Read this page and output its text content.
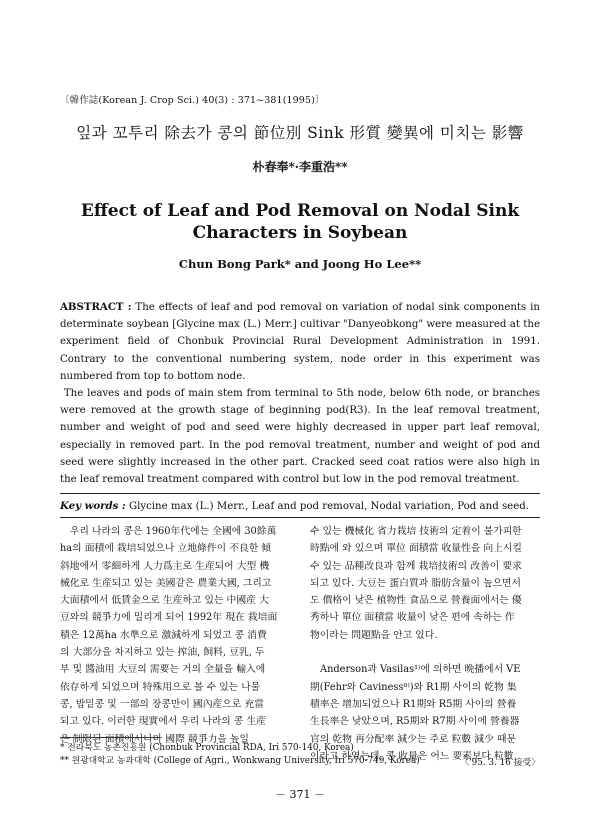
〔韓作誌(Korean J. Crop Sci.) 40(3) : 371~381(1995)〕
잎과 꼬투리 除去가 콩의 節位別 Sink 形質 變異에 미치는 影響
朴春奉*·李重浩**
Effect of Leaf and Pod Removal on Nodal Sink Characters in Soybean
Chun Bong Park* and Joong Ho Lee**

ABSTRACT : The effects of leaf and pod removal on variation of nodal sink components in determinate soybean [Glycine max (L.) Merr.] cultivar "Danyeobkong" were measured at the experiment field of Chonbuk Provincial Rural Development Administration in 1991. Contrary to the conventional numbering system, node order in this experiment was numbered from top to bottom node.

The leaves and pods of main stem from terminal to 5th node, below 6th node, or branches were removed at the growth stage of beginning pod(R3). In the leaf removal treatment, number and weight of pod and seed were highly decreased in upper part leaf removal, especially in removed part. In the pod removal treatment, number and weight of pod and seed were slightly increased in the other part. Cracked seed coat ratios were also high in the leaf removal treatment compared with control but low in the pod removal treatment.

Key words : Glycine max (L.) Merr., Leaf and pod removal, Nodal variation, Pod and seed.
우리 나라의 콩은 1960年代에는 全國에 30餘萬
ha의 面積에 栽培되었으나 立地條件이 不良한 傾
斜地에서 零細하게 人力爲主로 生産되어 大型 機
械化로 生産되고 있는 美國같은 農業大國, 그리고
大面積에서 低賃金으로 生産하고 있는 中國産 大
豆와의 競爭力에 밀리게 되어 1992年 現在 栽培面
積은 12萬ha 水準으로 激減하게 되었고 콩 消費
의 大部分을 차지하고 있는 搾油, 飼料, 豆乳, 두
부 및 醬油用 大豆의 需要는 거의 全量을 輸入에
依存하게 되었으며 特殊用으로 볼 수 있는 나물
콩, 밥밑콩 및 一部의 장콩만이 國內産으로 充當
되고 있다. 이러한 現實에서 우리 나라의 콩 生産
은 制限된 面積에서나마 國際 競爭力을 높일
수 있는 機械化 省力栽培 技術의 定着이 불가피한
時點에 와 있으며 單位 面積當 收量性을 向上시킬
수 있는 品種改良과 함께 栽培技術의 改善이 要求
되고 있다. 大豆는 蛋白質과 脂肪含量이 높으면서
도 價格이 낮은 植物性 食品으로 營養面에서는 優
秀하나 單位 面積當 收量이 낮은 편에 속하는 作
物이라는 問題點을 안고 있다.
Anderson과 Vasilas¹⁾에 의하면 晩播에서 VE
期(Fehr와 Caviness⁸⁾)와 R1期 사이의 乾物 集
積率은 增加되었으나 R1期와 R5期 사이의 營養
生長率은 낮았으며, R5期와 R7期 사이에 營養器
官의 乾物 再分配率 減少는 주로 粒數 減少 때문
이라고 하였는데, 콩 收量은 어느 要素보다 粒數
* 전라북도 농촌진흥원 (Chonbuk Provincial RDA, Iri 570-140, Korea)
** 원광대학교 농과대학 (College of Agri., Wonkwang University, Iri 570-749, Korea)	〈'95. 3. 16 接受〉
－ 371 －
